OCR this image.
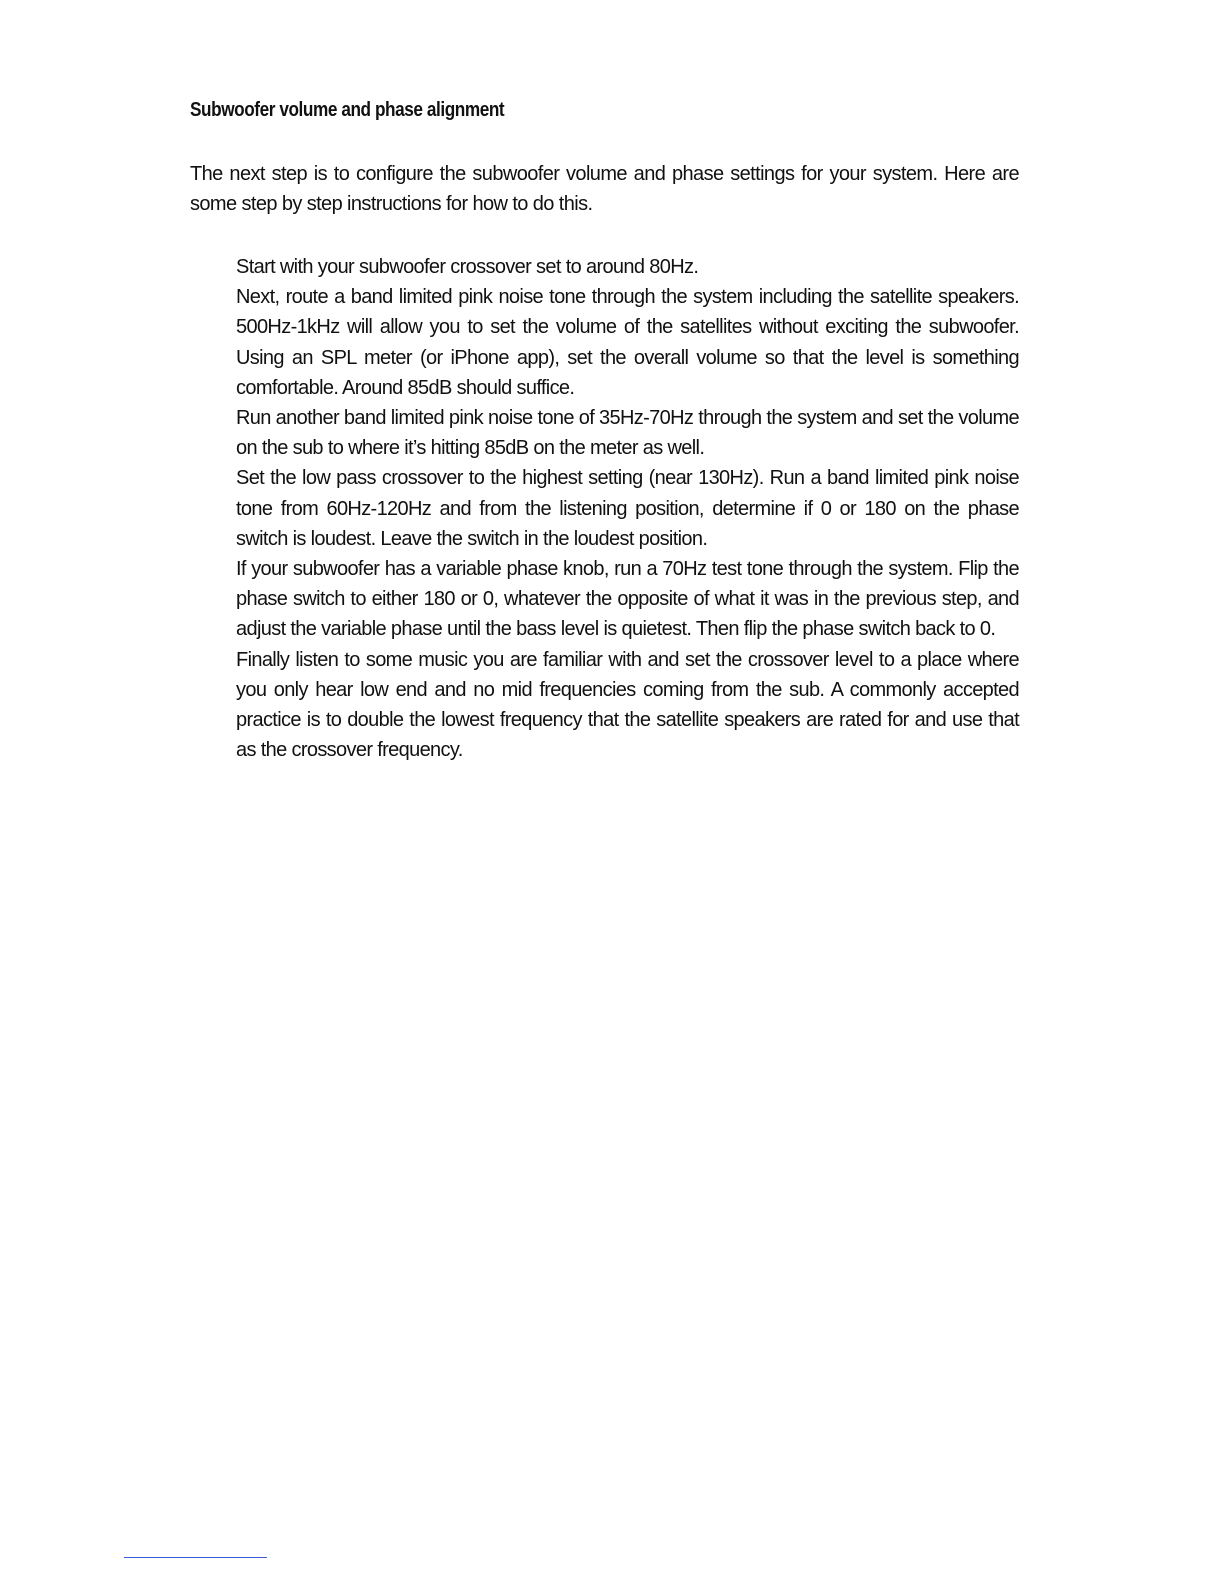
Subwoofer volume and phase alignment

The next step is to configure the subwoofer volume and phase settings for your system. Here are some step by step instructions for how to do this.

Start with your subwoofer crossover set to around 80Hz.
Next, route a band limited pink noise tone through the system including the satellite speakers. 500Hz-1kHz will allow you to set the volume of the satellites without exciting the subwoofer. Using an SPL meter (or iPhone app), set the overall volume so that the level is something comfortable. Around 85dB should suffice.
Run another band limited pink noise tone of 35Hz-70Hz through the system and set the volume on the sub to where it’s hitting 85dB on the meter as well.
Set the low pass crossover to the highest setting (near 130Hz). Run a band limited pink noise tone from 60Hz-120Hz and from the listening position, determine if 0 or 180 on the phase switch is loudest. Leave the switch in the loudest position.
If your subwoofer has a variable phase knob, run a 70Hz test tone through the system. Flip the phase switch to either 180 or 0, whatever the opposite of what it was in the previous step, and adjust the variable phase until the bass level is quietest. Then flip the phase switch back to 0.
Finally listen to some music you are familiar with and set the crossover level to a place where you only hear low end and no mid frequencies coming from the sub. A commonly accepted practice is to double the lowest frequency that the satellite speakers are rated for and use that as the crossover frequency.
